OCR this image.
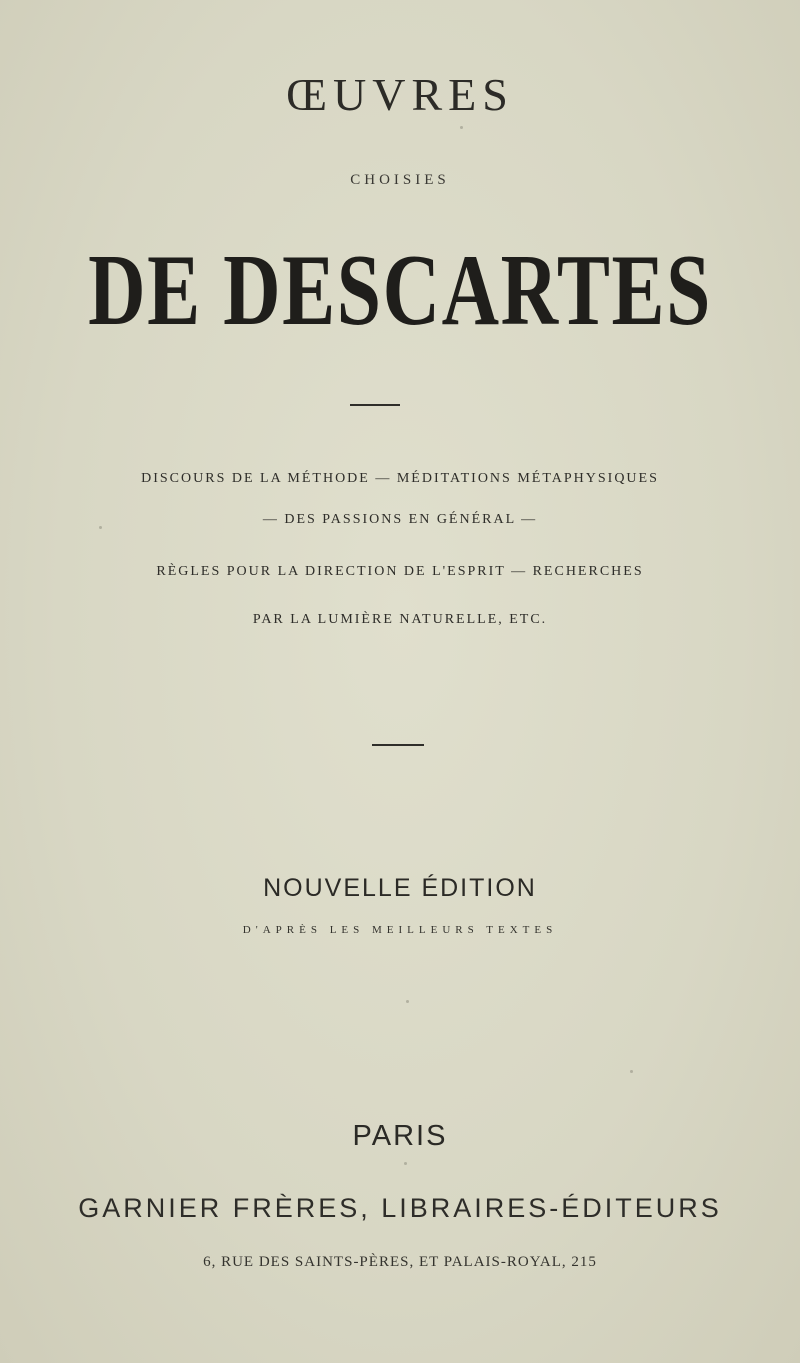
ŒUVRES
CHOISIES
DE DESCARTES
DISCOURS DE LA MÉTHODE — MÉDITATIONS MÉTAPHYSIQUES
— DES PASSIONS EN GÉNÉRAL —
RÈGLES POUR LA DIRECTION DE L'ESPRIT — RECHERCHES
PAR LA LUMIÈRE NATURELLE, ETC.
NOUVELLE ÉDITION
D'APRÈS LES MEILLEURS TEXTES
PARIS
GARNIER FRÈRES, LIBRAIRES-ÉDITEURS
6, RUE DES SAINTS-PÈRES, ET PALAIS-ROYAL, 215
